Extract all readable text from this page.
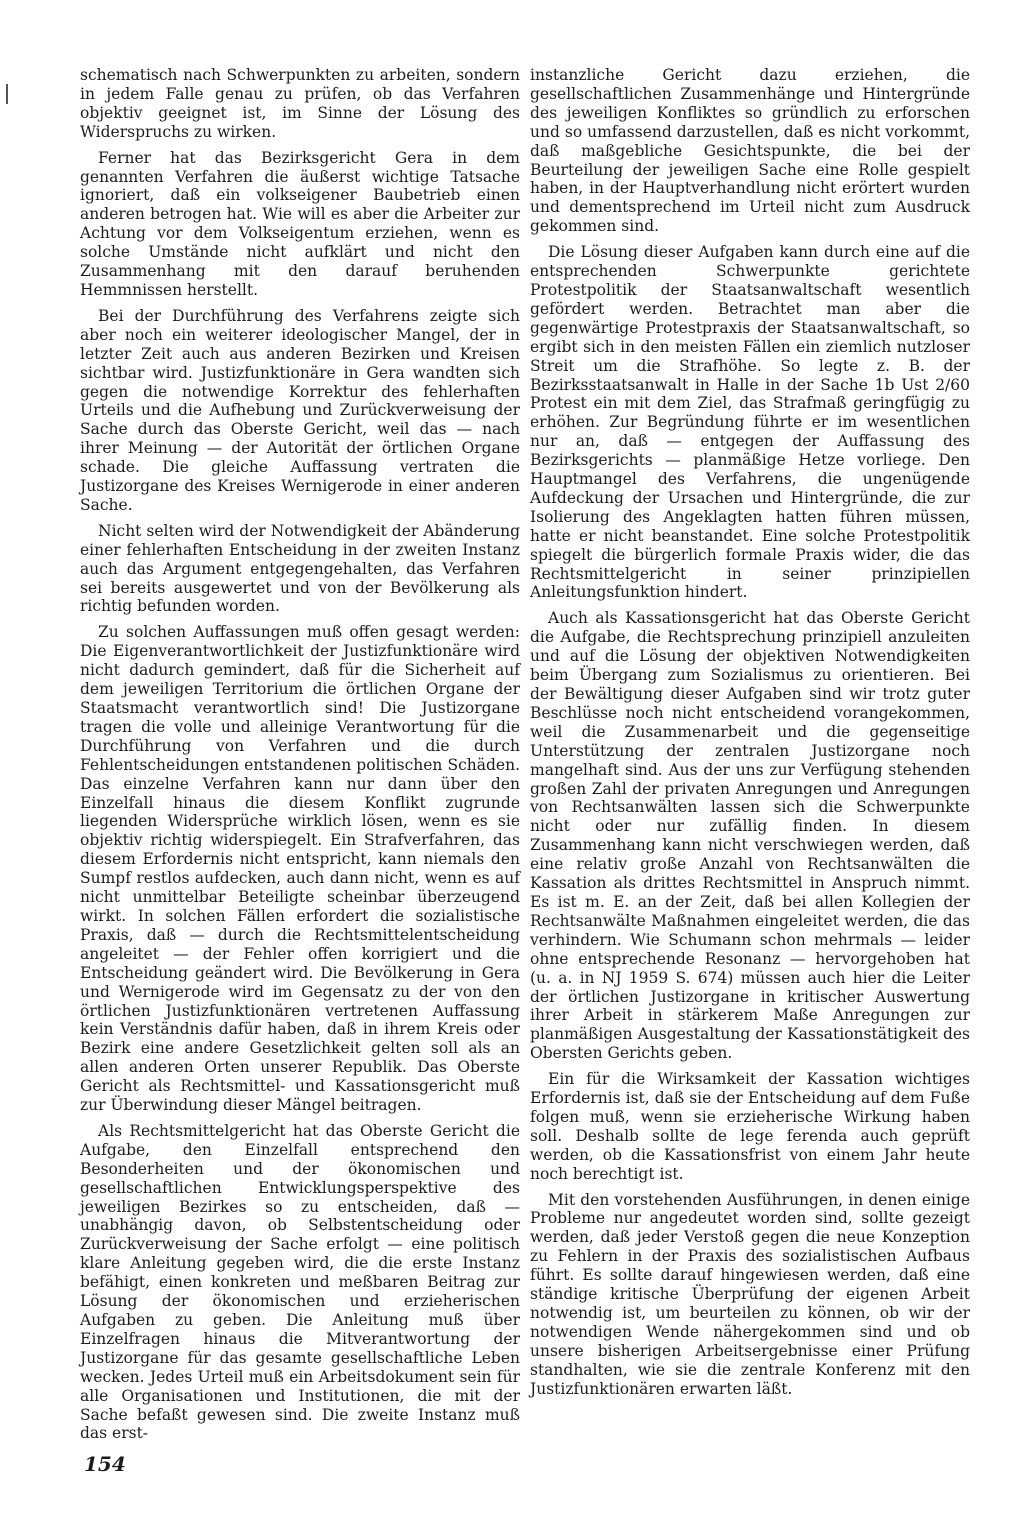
schematisch nach Schwerpunkten zu arbeiten, sondern in jedem Falle genau zu prüfen, ob das Verfahren objektiv geeignet ist, im Sinne der Lösung des Widerspruchs zu wirken.

Ferner hat das Bezirksgericht Gera in dem genannten Verfahren die äußerst wichtige Tatsache ignoriert, daß ein volkseigener Baubetrieb einen anderen betrogen hat. Wie will es aber die Arbeiter zur Achtung vor dem Volkseigentum erziehen, wenn es solche Umstände nicht aufklärt und nicht den Zusammenhang mit den darauf beruhenden Hemmnissen herstellt.

Bei der Durchführung des Verfahrens zeigte sich aber noch ein weiterer ideologischer Mangel, der in letzter Zeit auch aus anderen Bezirken und Kreisen sichtbar wird. Justizfunktionäre in Gera wandten sich gegen die notwendige Korrektur des fehlerhaften Urteils und die Aufhebung und Zurückverweisung der Sache durch das Oberste Gericht, weil das — nach ihrer Meinung — der Autorität der örtlichen Organe schade. Die gleiche Auffassung vertraten die Justizorgane des Kreises Wernigerode in einer anderen Sache.

Nicht selten wird der Notwendigkeit der Abänderung einer fehlerhaften Entscheidung in der zweiten Instanz auch das Argument entgegengehalten, das Verfahren sei bereits ausgewertet und von der Bevölkerung als richtig befunden worden.

Zu solchen Auffassungen muß offen gesagt werden: Die Eigenverantwortlichkeit der Justizfunktionäre wird nicht dadurch gemindert, daß für die Sicherheit auf dem jeweiligen Territorium die örtlichen Organe der Staatsmacht verantwortlich sind! Die Justizorgane tragen die volle und alleinige Verantwortung für die Durchführung von Verfahren und die durch Fehlentscheidungen entstandenen politischen Schäden. Das einzelne Verfahren kann nur dann über den Einzelfall hinaus die diesem Konflikt zugrunde liegenden Widersprüche wirklich lösen, wenn es sie objektiv richtig widerspiegelt. Ein Strafverfahren, das diesem Erfordernis nicht entspricht, kann niemals den Sumpf restlos aufdecken, auch dann nicht, wenn es auf nicht unmittelbar Beteiligte scheinbar überzeugend wirkt. In solchen Fällen erfordert die sozialistische Praxis, daß — durch die Rechtsmittelentscheidung angeleitet — der Fehler offen korrigiert und die Entscheidung geändert wird. Die Bevölkerung in Gera und Wernigerode wird im Gegensatz zu der von den örtlichen Justizfunktionären vertretenen Auffassung kein Verständnis dafür haben, daß in ihrem Kreis oder Bezirk eine andere Gesetzlichkeit gelten soll als an allen anderen Orten unserer Republik. Das Oberste Gericht als Rechtsmittel- und Kassationsgericht muß zur Überwindung dieser Mängel beitragen.

Als Rechtsmittelgericht hat das Oberste Gericht die Aufgabe, den Einzelfall entsprechend den Besonderheiten und der ökonomischen und gesellschaftlichen Entwicklungsperspektive des jeweiligen Bezirkes so zu entscheiden, daß — unabhängig davon, ob Selbstentscheidung oder Zurückverweisung der Sache erfolgt — eine politisch klare Anleitung gegeben wird, die die erste Instanz befähigt, einen konkreten und meßbaren Beitrag zur Lösung der ökonomischen und erzieherischen Aufgaben zu geben. Die Anleitung muß über Einzelfragen hinaus die Mitverantwortung der Justizorgane für das gesamte gesellschaftliche Leben wecken. Jedes Urteil muß ein Arbeitsdokument sein für alle Organisationen und Institutionen, die mit der Sache befaßt gewesen sind. Die zweite Instanz muß das erst-

instanzliche Gericht dazu erziehen, die gesellschaftlichen Zusammenhänge und Hintergründe des jeweiligen Konfliktes so gründlich zu erforschen und so umfassend darzustellen, daß es nicht vorkommt, daß maßgebliche Gesichtspunkte, die bei der Beurteilung der jeweiligen Sache eine Rolle gespielt haben, in der Hauptverhandlung nicht erörtert wurden und dementsprechend im Urteil nicht zum Ausdruck gekommen sind.

Die Lösung dieser Aufgaben kann durch eine auf die entsprechenden Schwerpunkte gerichtete Protestpolitik der Staatsanwaltschaft wesentlich gefördert werden. Betrachtet man aber die gegenwärtige Protestpraxis der Staatsanwaltschaft, so ergibt sich in den meisten Fällen ein ziemlich nutzloser Streit um die Strafhöhe. So legte z. B. der Bezirksstaatsanwalt in Halle in der Sache 1b Ust 2/60 Protest ein mit dem Ziel, das Strafmaß geringfügig zu erhöhen. Zur Begründung führte er im wesentlichen nur an, daß — entgegen der Auffassung des Bezirksgerichts — planmäßige Hetze vorliege. Den Hauptmangel des Verfahrens, die ungenügende Aufdeckung der Ursachen und Hintergründe, die zur Isolierung des Angeklagten hatten führen müssen, hatte er nicht beanstandet. Eine solche Protestpolitik spiegelt die bürgerlich formale Praxis wider, die das Rechtsmittelgericht in seiner prinzipiellen Anleitungsfunktion hindert.

Auch als Kassationsgericht hat das Oberste Gericht die Aufgabe, die Rechtsprechung prinzipiell anzuleiten und auf die Lösung der objektiven Notwendigkeiten beim Übergang zum Sozialismus zu orientieren. Bei der Bewältigung dieser Aufgaben sind wir trotz guter Beschlüsse noch nicht entscheidend vorangekommen, weil die Zusammenarbeit und die gegenseitige Unterstützung der zentralen Justizorgane noch mangelhaft sind. Aus der uns zur Verfügung stehenden großen Zahl der privaten Anregungen und Anregungen von Rechtsanwälten lassen sich die Schwerpunkte nicht oder nur zufällig finden. In diesem Zusammenhang kann nicht verschwiegen werden, daß eine relativ große Anzahl von Rechtsanwälten die Kassation als drittes Rechtsmittel in Anspruch nimmt. Es ist m. E. an der Zeit, daß bei allen Kollegien der Rechtsanwälte Maßnahmen eingeleitet werden, die das verhindern. Wie Schumann schon mehrmals — leider ohne entsprechende Resonanz — hervorgehoben hat (u. a. in NJ 1959 S. 674) müssen auch hier die Leiter der örtlichen Justizorgane in kritischer Auswertung ihrer Arbeit in stärkerem Maße Anregungen zur planmäßigen Ausgestaltung der Kassationstätigkeit des Obersten Gerichts geben.

Ein für die Wirksamkeit der Kassation wichtiges Erfordernis ist, daß sie der Entscheidung auf dem Fuße folgen muß, wenn sie erzieherische Wirkung haben soll. Deshalb sollte de lege ferenda auch geprüft werden, ob die Kassationsfrist von einem Jahr heute noch berechtigt ist.

Mit den vorstehenden Ausführungen, in denen einige Probleme nur angedeutet worden sind, sollte gezeigt werden, daß jeder Verstoß gegen die neue Konzeption zu Fehlern in der Praxis des sozialistischen Aufbaus führt. Es sollte darauf hingewiesen werden, daß eine ständige kritische Überprüfung der eigenen Arbeit notwendig ist, um beurteilen zu können, ob wir der notwendigen Wende nähergekommen sind und ob unsere bisherigen Arbeitsergebnisse einer Prüfung standhalten, wie sie die zentrale Konferenz mit den Justizfunktionären erwarten läßt.

154
